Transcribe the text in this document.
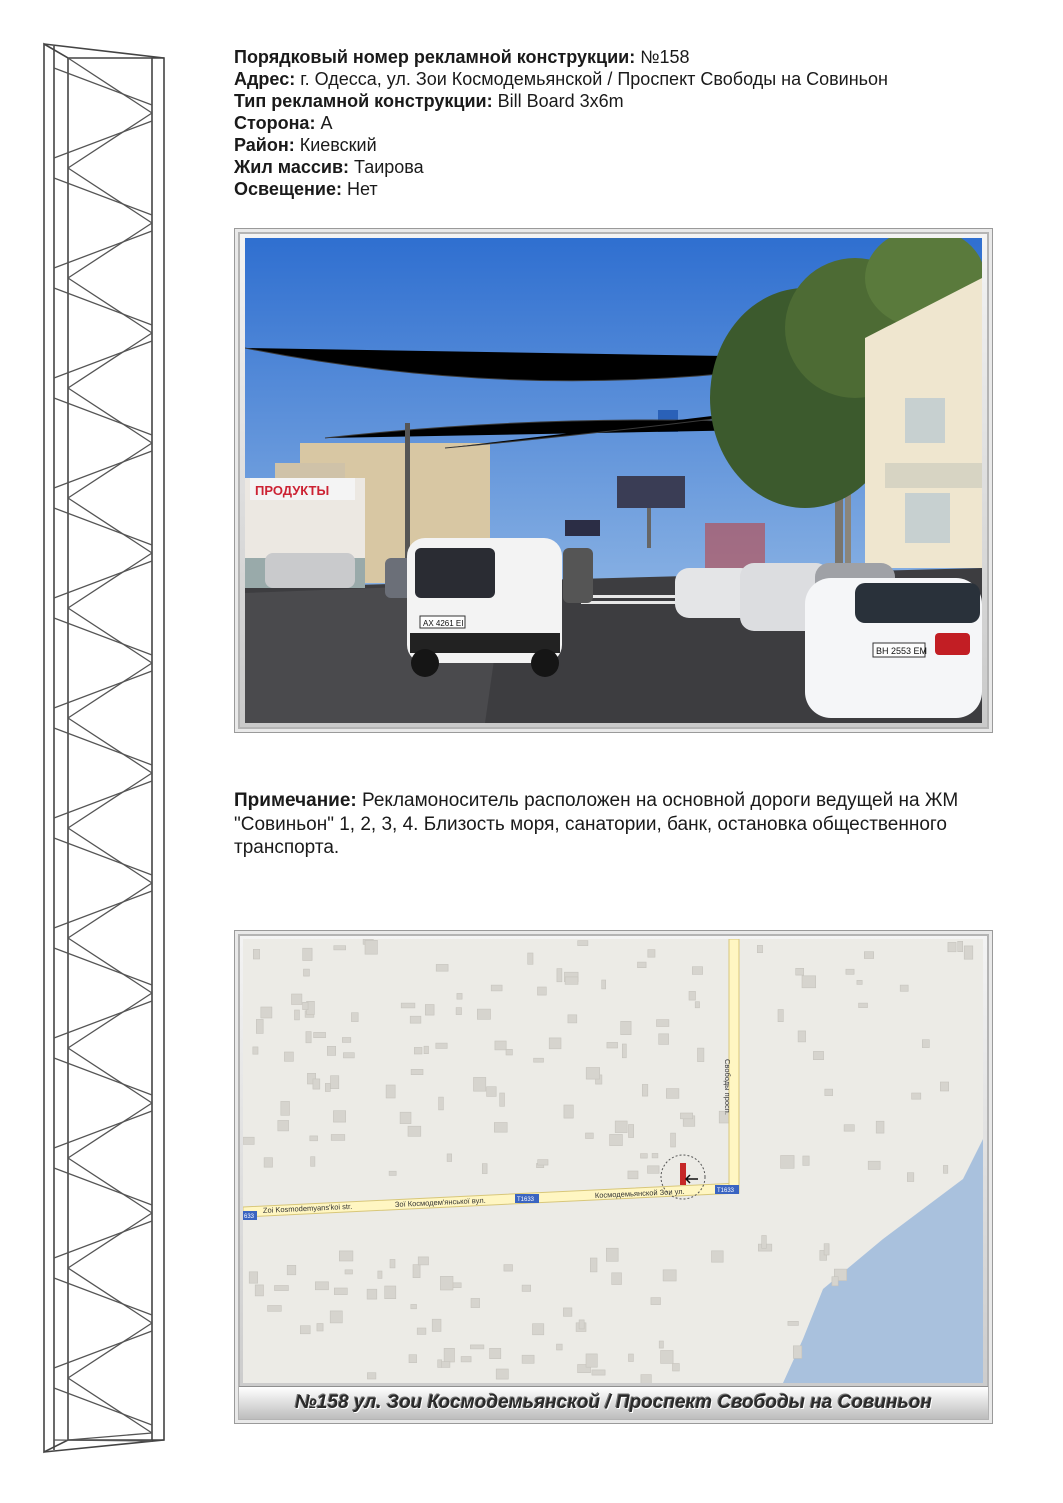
Порядковый номер рекламной конструкции: №158
Адрес: г. Одесса, ул. Зои Космодемьянской / Проспект Свободы на Совиньон
Тип рекламной конструкции: Bill Board 3x6m
Сторона: А
Район: Киевский
Жил массив: Таирова
Освещение: Нет
ПРОДУКТЫ
AX 4261 EI
BH 2553 EM
Примечание: Рекламоноситель расположен на основной дороги ведущей на ЖМ "Совиньон" 1, 2, 3, 4. Близость моря, санатории, банк, остановка общественного транспорта.
Zoi Kosmodemyans'koi str.	Зої Космодем'янської вул.
Космодемьянской Зои ул.
Свободы просп.
633
T1633
T1633
№158 ул. Зои Космодемьянской / Проспект Свободы на Совиньон
